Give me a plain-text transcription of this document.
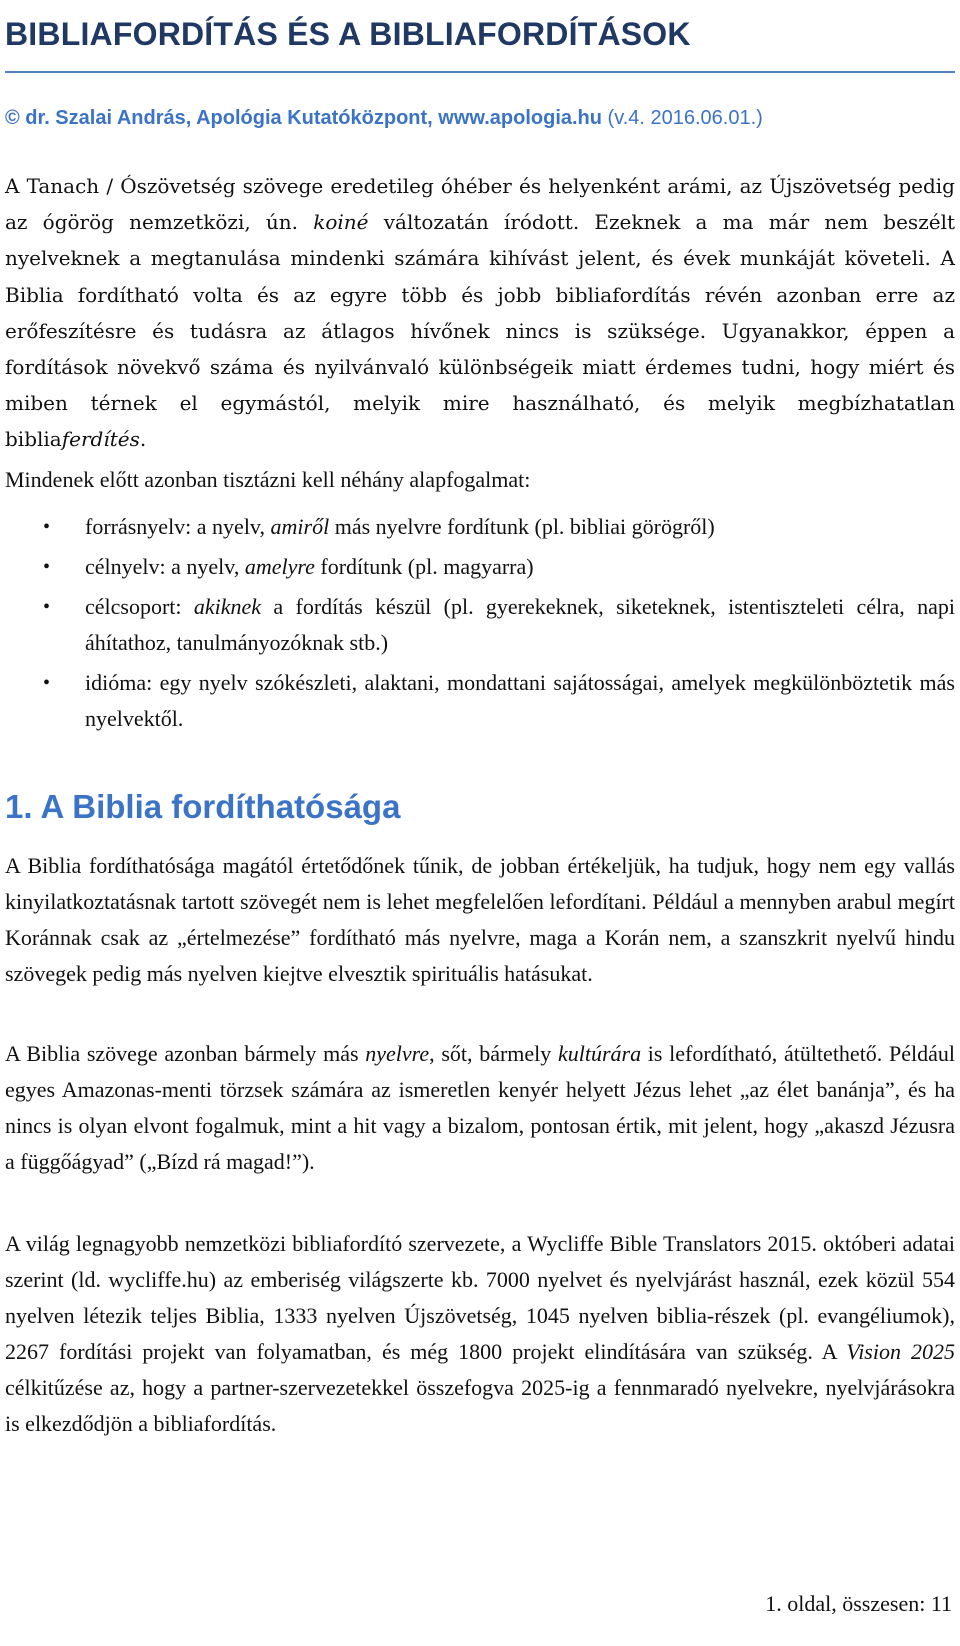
BIBLIAFORDÍTÁS ÉS A BIBLIAFORDÍTÁSOK
© dr. Szalai András, Apológia Kutatóközpont, www.apologia.hu (v.4. 2016.06.01.)

A Tanach / Ószövetség szövege eredetileg óhéber és helyenként arámi, az Újszövetség pedig az ógörög nemzetközi, ún. koiné változatán íródott. Ezeknek a ma már nem beszélt nyelveknek a megtanulása mindenki számára kihívást jelent, és évek munkáját követeli. A Biblia fordítható volta és az egyre több és jobb bibliafordítás révén azonban erre az erőfeszítésre és tudásra az átlagos hívőnek nincs is szüksége. Ugyanakkor, éppen a fordítások növekvő száma és nyilvánvaló különbségeik miatt érdemes tudni, hogy miért és miben térnek el egymástól, melyik mire használható, és melyik megbízhatatlan bibliaferdítés.

Mindenek előtt azonban tisztázni kell néhány alapfogalmat:

• forrásnyelv: a nyelv, amiről más nyelvre fordítunk (pl. bibliai görögről)
• célnyelv: a nyelv, amelyre fordítunk (pl. magyarra)
• célcsoport: akiknek a fordítás készül (pl. gyerekeknek, siketeknek, istentiszteleti célra, napi áhítathoz, tanulmányozóknak stb.)
• idióma: egy nyelv szókészleti, alaktani, mondattani sajátosságai, amelyek megkülönböztetik más nyelvektől.
1. A Biblia fordíthatósága

A Biblia fordíthatósága magától értetődőnek tűnik, de jobban értékeljük, ha tudjuk, hogy nem egy vallás kinyilatkoztatásnak tartott szövegét nem is lehet megfelelően lefordítani. Például a mennyben arabul megírt Koránnak csak az „értelmezése” fordítható más nyelvre, maga a Korán nem, a szanszkrit nyelvű hindu szövegek pedig más nyelven kiejtve elvesztik spirituális hatásukat.

A Biblia szövege azonban bármely más nyelvre, sőt, bármely kultúrára is lefordítható, átültethető. Például egyes Amazonas-menti törzsek számára az ismeretlen kenyér helyett Jézus lehet „az élet banánja”, és ha nincs is olyan elvont fogalmuk, mint a hit vagy a bizalom, pontosan értik, mit jelent, hogy „akaszd Jézusra a függőágyad” („Bízd rá magad!”).

A világ legnagyobb nemzetközi bibliafordító szervezete, a Wycliffe Bible Translators 2015. októberi adatai szerint (ld. wycliffe.hu) az emberiség világszerte kb. 7000 nyelvet és nyelvjárást használ, ezek közül 554 nyelven létezik teljes Biblia, 1333 nyelven Újszövetség, 1045 nyelven biblia-részek (pl. evangéliumok), 2267 fordítási projekt van folyamatban, és még 1800 projekt elindítására van szükség. A Vision 2025 célkitűzése az, hogy a partner-szervezetekkel összefogva 2025-ig a fennmaradó nyelvekre, nyelvjárásokra is elkezdődjön a bibliafordítás.

1. oldal, összesen: 11
